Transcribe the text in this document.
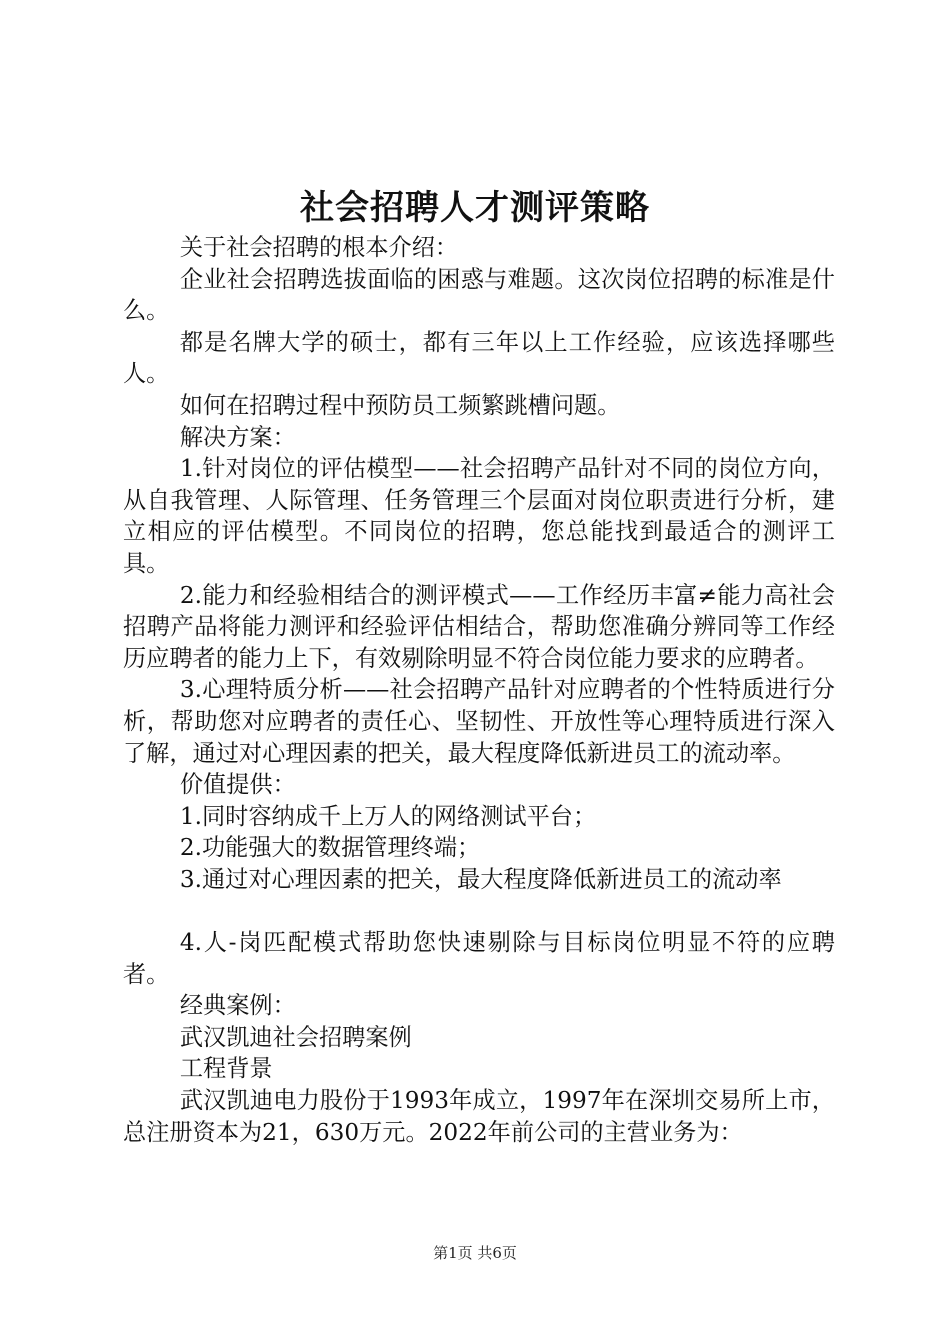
社会招聘人才测评策略

关于社会招聘的根本介绍：

企业社会招聘选拔面临的困惑与难题。这次岗位招聘的标准是什么。

都是名牌大学的硕士，都有三年以上工作经验，应该选择哪些人。

如何在招聘过程中预防员工频繁跳槽问题。

解决方案：

1.针对岗位的评估模型——社会招聘产品针对不同的岗位方向，从自我管理、人际管理、任务管理三个层面对岗位职责进行分析，建立相应的评估模型。不同岗位的招聘，您总能找到最适合的测评工具。

2.能力和经验相结合的测评模式——工作经历丰富≠能力高社会招聘产品将能力测评和经验评估相结合，帮助您准确分辨同等工作经历应聘者的能力上下，有效剔除明显不符合岗位能力要求的应聘者。

3.心理特质分析——社会招聘产品针对应聘者的个性特质进行分析，帮助您对应聘者的责任心、坚韧性、开放性等心理特质进行深入了解，通过对心理因素的把关，最大程度降低新进员工的流动率。

价值提供：

1.同时容纳成千上万人的网络测试平台；

2.功能强大的数据管理终端；

3.通过对心理因素的把关，最大程度降低新进员工的流动率

4.人-岗匹配模式帮助您快速剔除与目标岗位明显不符的应聘者。

经典案例：

武汉凯迪社会招聘案例

工程背景

武汉凯迪电力股份于1993年成立，1997年在深圳交易所上市，总注册资本为21，630万元。2022年前公司的主营业务为：

第1页 共6页
